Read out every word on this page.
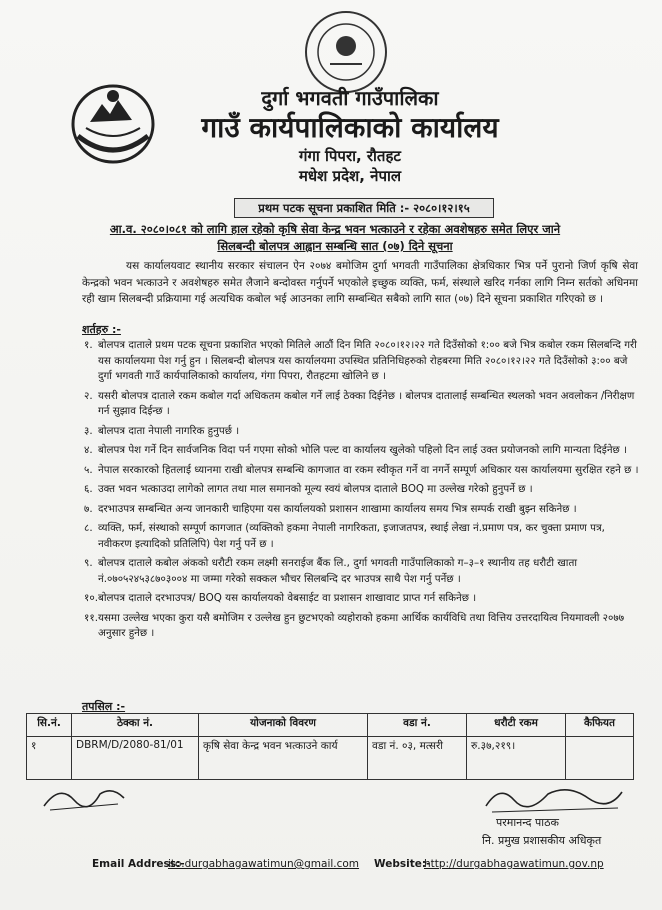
दुर्गा भगवती गाउँपालिका
गाउँ कार्यपालिकाको कार्यालय
गंगा पिपरा, रौतहट
मधेश प्रदेश, नेपाल
प्रथम पटक सूचना प्रकाशित मिति :- २०८०।१२।१५
आ.व. २०८०।०८१ को लागि हाल रहेको कृषि सेवा केन्द्र भवन भत्काउने र रहेका अवशेषहरु समेत लिएर जाने
सिलबन्दी बोलपत्र आह्वान सम्बन्धि सात (०७) दिने सूचना

यस कार्यालयवाट स्थानीय सरकार संचालन ऐन २०७४ बमोजिम दुर्गा भगवती गाउँपालिका क्षेत्रधिकार भित्र पर्ने पुरानो जिर्ण कृषि सेवा केन्द्रको भवन भत्काउने र अवशेषहरु समेत लैजाने बन्दोवस्त गर्नुपर्ने भएकोले इच्छुक व्यक्ति, फर्म, संस्थाले खरिद गर्नका लागि निम्न सर्तको अधिनमा रही खाम सिलबन्दी प्रक्रियामा गई अत्यधिक कबोल भई आउनका लागि सम्बन्धित सबैको लागि सात (०७) दिने सूचना प्रकाशित गरिएको छ ।

शर्तहरु :-
१. बोलपत्र दाताले प्रथम पटक सूचना प्रकाशित भएको मितिले आठौं दिन मिति २०८०।१२।२२ गते दिउँसोको १:०० बजे भित्र कबोल रकम सिलबन्दि गरी यस कार्यालयमा पेश गर्नु हुन । सिलबन्दी बोलपत्र यस कार्यालयमा उपस्थित प्रतिनिधिहरुको रोहबरमा मिति २०८०।१२।२२ गते दिउँसोको ३:०० बजे दुर्गा भगवती गाउँ कार्यपालिकाको कार्यालय, गंगा पिपरा, रौतहटमा खोलिने छ ।
२. यसरी बोलपत्र दाताले रकम कबोल गर्दा अधिकतम कबोल गर्ने लाई ठेक्का दिईनेछ । बोलपत्र दातालाई सम्बन्धित स्थलको भवन अवलोकन /निरीक्षण गर्न सुझाव दिईन्छ ।
३. बोलपत्र दाता नेपाली नागरिक हुनुपर्छ ।
४. बोलपत्र पेश गर्ने दिन सार्वजनिक विदा पर्न गएमा सोको भोलि पल्ट वा कार्यालय खुलेको पहिलो दिन लाई उक्त प्रयोजनको लागि मान्यता दिईनेछ ।
५. नेपाल सरकारको हितलाई ध्यानमा राखी बोलपत्र सम्बन्धि कागजात वा रकम स्वीकृत गर्ने वा नगर्ने सम्पूर्ण अधिकार यस कार्यालयमा सुरक्षित रहने छ ।
६. उक्त भवन भत्काउदा लागेको लागत तथा माल समानको मूल्य स्वयं बोलपत्र दाताले BOQ मा उल्लेख गरेको हुनुपर्ने छ ।
७. दरभाउपत्र सम्बन्धित अन्य जानकारी चाहिएमा यस कार्यालयको प्रशासन शाखामा कार्यालय समय भित्र सम्पर्क राखी बुझ्न सकिनेछ ।
८. व्यक्ति, फर्म, संस्थाको सम्पूर्ण कागजात (व्यक्तिको हकमा नेपाली नागरिकता, इजाजतपत्र, स्थाई लेखा नं.प्रमाण पत्र, कर चुक्ता प्रमाण पत्र, नवीकरण इत्यादिको प्रतिलिपि) पेश गर्नु पर्ने छ ।
९. बोलपत्र दाताले कबोल अंकको धरौटी रकम लक्ष्मी सनराईज बैंक लि., दुर्गा भगवती गाउँपालिकाको ग–३–१ स्थानीय तह धरौटी खाता नं.०७०५२४५३८७०३००४ मा जम्मा गरेको सक्कल भौचर सिलबन्दि दर भाउपत्र साथै पेश गर्नु पर्नेछ ।
१०. बोलपत्र दाताले दरभाउपत्र/ BOQ यस कार्यालयको वेबसाईट वा प्रशासन शाखावाट प्राप्त गर्न सकिनेछ ।
११. यसमा उल्लेख भएका कुरा यसै बमोजिम र उल्लेख हुन छुटभएको व्यहोराको हकमा आर्थिक कार्यविधि तथा वित्तिय उत्तरदायित्व नियमावली २०७७ अनुसार हुनेछ ।
तपसिल :-
सि.नं.	ठेक्का नं.	योजनाको विवरण	वडा नं.	धरौटी रकम	कैफियत
१	DBRM/D/2080-81/01	कृषि सेवा केन्द्र भवन भत्काउने कार्य	वडा नं. ०३, मत्सरी	रु.३७,२१९।	
परमानन्द पाठक
नि. प्रमुख प्रशासकीय अधिकृत
Email Address:-
ito.durgabhagawatimun@gmail.com Website:-
http://durgabhagawatimun.gov.np
